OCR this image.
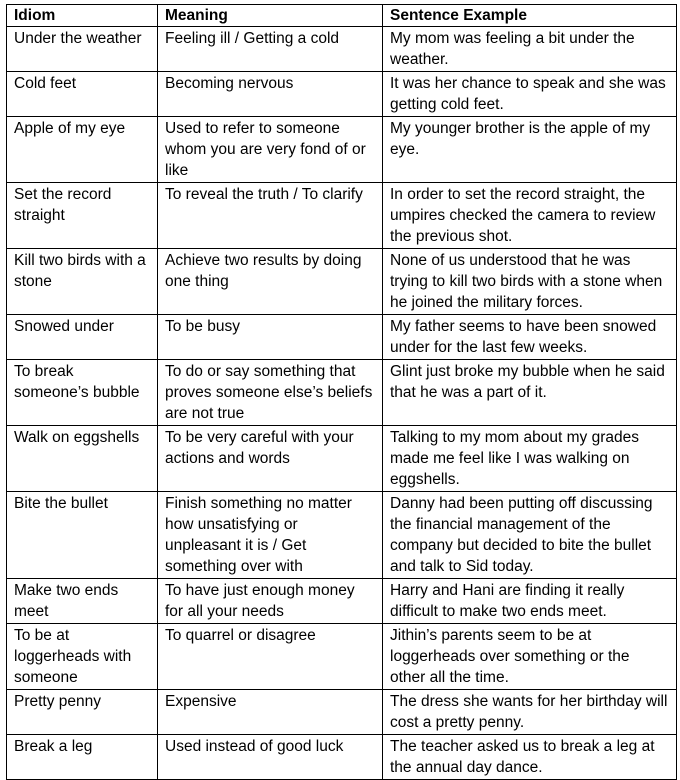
Idiom	Meaning	Sentence Example
Under the weather	Feeling ill / Getting a cold	My mom was feeling a bit under the weather.
Cold feet	Becoming nervous	It was her chance to speak and she was getting cold feet.
Apple of my eye	Used to refer to someone whom you are very fond of or like	My younger brother is the apple of my eye.
Set the record straight	To reveal the truth / To clarify	In order to set the record straight, the umpires checked the camera to review the previous shot.
Kill two birds with a stone	Achieve two results by doing one thing	None of us understood that he was trying to kill two birds with a stone when he joined the military forces.
Snowed under	To be busy	My father seems to have been snowed under for the last few weeks.
To break someone’s bubble	To do or say something that proves someone else’s beliefs are not true	Glint just broke my bubble when he said that he was a part of it.
Walk on eggshells	To be very careful with your actions and words	Talking to my mom about my grades made me feel like I was walking on eggshells.
Bite the bullet	Finish something no matter how unsatisfying or unpleasant it is / Get something over with	Danny had been putting off discussing the financial management of the company but decided to bite the bullet and talk to Sid today.
Make two ends meet	To have just enough money for all your needs	Harry and Hani are finding it really difficult to make two ends meet.
To be at loggerheads with someone	To quarrel or disagree	Jithin’s parents seem to be at loggerheads over something or the other all the time.
Pretty penny	Expensive	The dress she wants for her birthday will cost a pretty penny.
Break a leg	Used instead of good luck	The teacher asked us to break a leg at the annual day dance.
